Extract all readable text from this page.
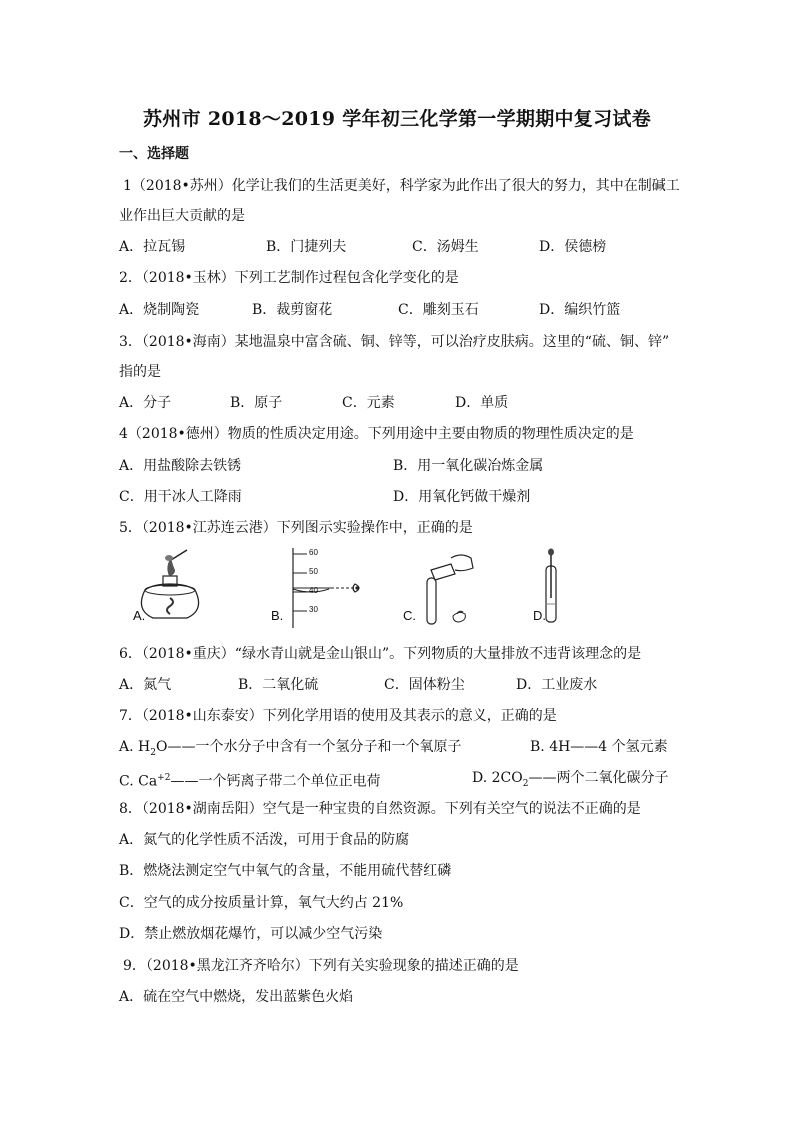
苏州市 2018～2019 学年初三化学第一学期期中复习试卷
一、选择题
1（2018•苏州）化学让我们的生活更美好，科学家为此作出了很大的努力，其中在制碱工
业作出巨大贡献的是
A．拉瓦锡	B．门捷列夫	C．汤姆生	D．侯德榜
2．（2018•玉林）下列工艺制作过程包含化学变化的是
A．烧制陶瓷	B．裁剪窗花	C．雕刻玉石	D．编织竹篮
3．（2018•海南）某地温泉中富含硫、铜、锌等，可以治疗皮肤病。这里的“硫、铜、锌”
指的是
A．分子	B．原子	C．元素	D．单质
4（2018•德州）物质的性质决定用途。下列用途中主要由物质的物理性质决定的是
A．用盐酸除去铁锈	B．用一氧化碳冶炼金属
C．用干冰人工降雨	D．用氧化钙做干燥剂
5．（2018•江苏连云港）下列图示实验操作中，正确的是
A.
60
50
40
30
B.	C.	D.
6．（2018•重庆）“绿水青山就是金山银山”。下列物质的大量排放不违背该理念的是
A．氮气	B．二氧化硫	C．固体粉尘	D．工业废水
7．（2018•山东泰安）下列化学用语的使用及其表示的意义，正确的是
A. $H_2O——$一个水分子中含有一个氢分子和一个氧原子	B. 4H——4 个氢元素
C. $Ca^{+2}——$一个钙离子带二个单位正电荷	D. $2CO_2——$两个二氧化碳分子
8．（2018•湖南岳阳）空气是一种宝贵的自然资源。下列有关空气的说法不正确的是
A．氮气的化学性质不活泼，可用于食品的防腐
B．燃烧法测定空气中氧气的含量，不能用硫代替红磷
C．空气的成分按质量计算，氧气大约占 21%
D．禁止燃放烟花爆竹，可以减少空气污染
9．（2018•黑龙江齐齐哈尔）下列有关实验现象的描述正确的是
A．硫在空气中燃烧，发出蓝紫色火焰
